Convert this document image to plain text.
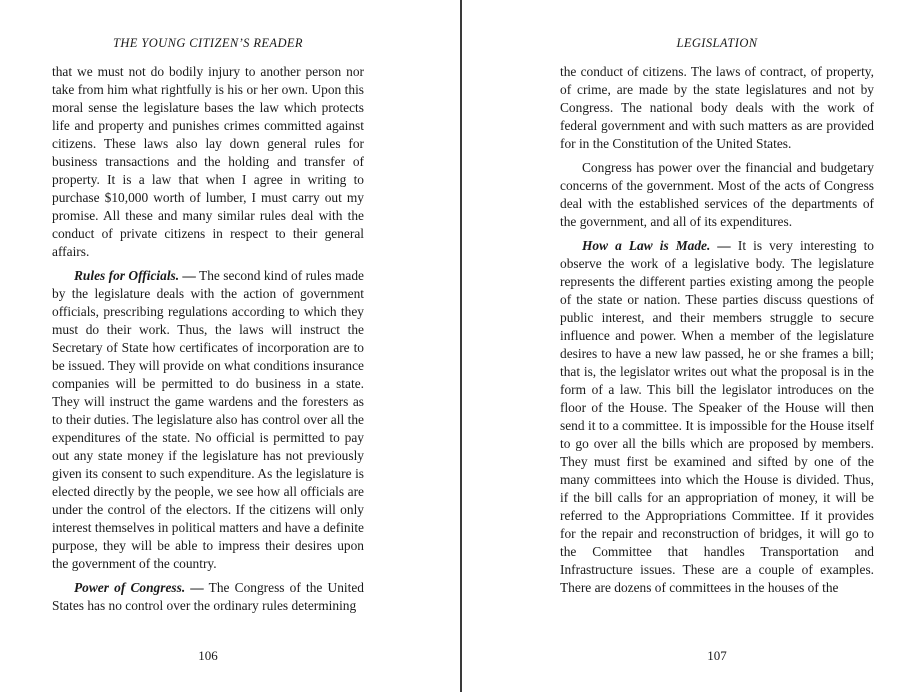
THE YOUNG CITIZEN’S READER

that we must not do bodily injury to another person nor take from him what rightfully is his or her own. Upon this moral sense the legislature bases the law which protects life and property and punishes crimes committed against citizens. These laws also lay down general rules for business transactions and the holding and transfer of property. It is a law that when I agree in writing to purchase $10,000 worth of lumber, I must carry out my promise. All these and many similar rules deal with the conduct of private citizens in respect to their general affairs.

Rules for Officials. — The second kind of rules made by the legislature deals with the action of government officials, prescribing regulations according to which they must do their work. Thus, the laws will instruct the Secretary of State how certificates of incorporation are to be issued. They will provide on what conditions insurance companies will be permitted to do business in a state. They will instruct the game wardens and the foresters as to their duties. The legislature also has control over all the expenditures of the state. No official is permitted to pay out any state money if the legislature has not previously given its consent to such expenditure. As the legislature is elected directly by the people, we see how all officials are under the control of the electors. If the citizens will only interest themselves in political matters and have a definite purpose, they will be able to impress their desires upon the government of the country.

Power of Congress. — The Congress of the United States has no control over the ordinary rules determining

106
LEGISLATION

the conduct of citizens. The laws of contract, of property, of crime, are made by the state legislatures and not by Congress. The national body deals with the work of federal government and with such matters as are provided for in the Constitution of the United States.

Congress has power over the financial and budgetary concerns of the government. Most of the acts of Congress deal with the established services of the departments of the government, and all of its expenditures.

How a Law is Made. — It is very interesting to observe the work of a legislative body. The legislature represents the different parties existing among the people of the state or nation. These parties discuss questions of public interest, and their members struggle to secure influence and power. When a member of the legislature desires to have a new law passed, he or she frames a bill; that is, the legislator writes out what the proposal is in the form of a law. This bill the legislator introduces on the floor of the House. The Speaker of the House will then send it to a committee. It is impossible for the House itself to go over all the bills which are proposed by members. They must first be examined and sifted by one of the many committees into which the House is divided. Thus, if the bill calls for an appropriation of money, it will be referred to the Appropriations Committee. If it provides for the repair and reconstruction of bridges, it will go to the Committee that handles Transportation and Infrastructure issues. These are a couple of examples. There are dozens of committees in the houses of the

107
